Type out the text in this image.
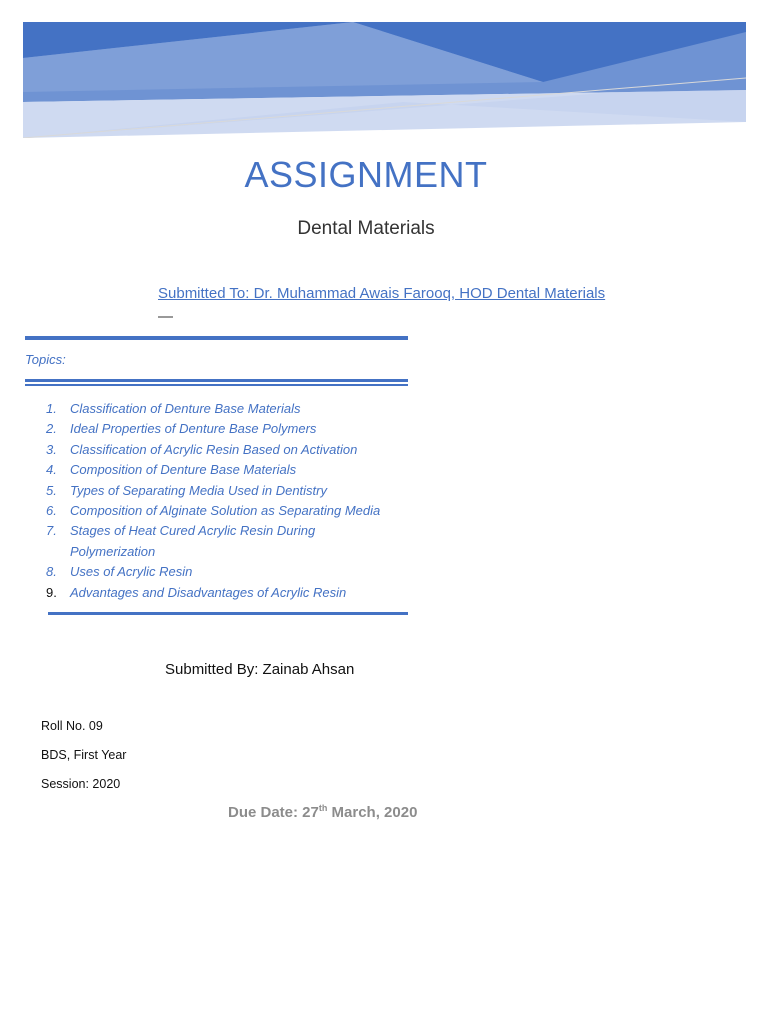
ASSIGNMENT
Dental Materials
Submitted To: Dr. Muhammad Awais Farooq, HOD Dental Materials
—
Topics:
1. Classification of Denture Base Materials
2. Ideal Properties of Denture Base Polymers
3. Classification of Acrylic Resin Based on Activation
4. Composition of Denture Base Materials
5. Types of Separating Media Used in Dentistry
6. Composition of Alginate Solution as Separating Media
7. Stages of Heat Cured Acrylic Resin During Polymerization
8. Uses of Acrylic Resin
9. Advantages and Disadvantages of Acrylic Resin
Submitted By: Zainab Ahsan
Roll No. 09
BDS, First Year
Session: 2020
Due Date: 27th March, 2020
